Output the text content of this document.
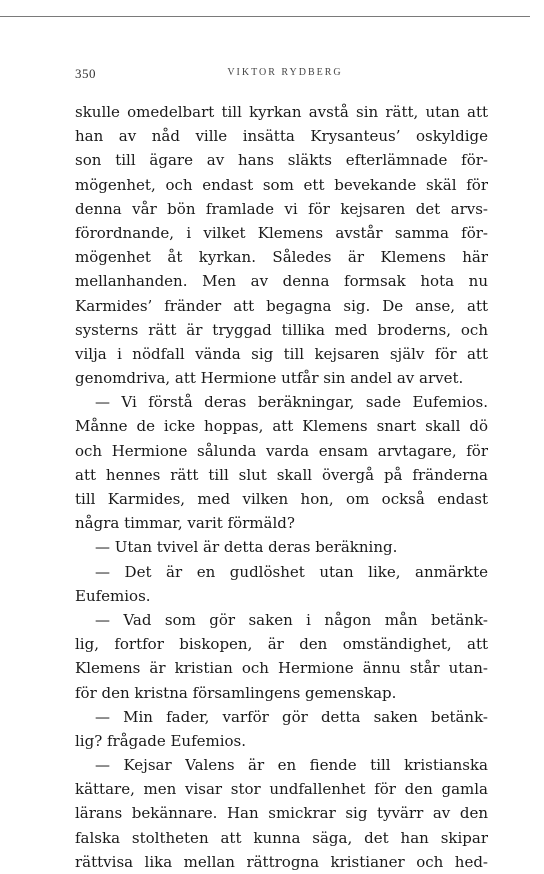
350	VIKTOR RYDBERG
skulle omedelbart till kyrkan avstå sin rätt, utan att
han av nåd ville insätta Krysanteus’ oskyldige
son till ägare av hans släkts efterlämnade för-
mögenhet, och endast som ett bevekande skäl för
denna vår bön framlade vi för kejsaren det arvs-
förordnande, i vilket Klemens avstår samma för-
mögenhet åt kyrkan. Således är Klemens här
mellanhanden. Men av denna formsak hota nu
Karmides’ fränder att begagna sig. De anse, att
systerns rätt är tryggad tillika med broderns, och
vilja i nödfall vända sig till kejsaren själv för att
genomdriva, att Hermione utfår sin andel av arvet.
— Vi förstå deras beräkningar, sade Eufemios.
Månne de icke hoppas, att Klemens snart skall dö
och Hermione sålunda varda ensam arvtagare, för
att hennes rätt till slut skall övergå på fränderna
till Karmides, med vilken hon, om också endast
några timmar, varit förmäld?
— Utan tvivel är detta deras beräkning.
— Det är en gudlöshet utan like, anmärkte
Eufemios.
— Vad som gör saken i någon mån betänk-
lig, fortfor biskopen, är den omständighet, att
Klemens är kristian och Hermione ännu står utan-
för den kristna församlingens gemenskap.
— Min fader, varför gör detta saken betänk-
lig? frågade Eufemios.
— Kejsar Valens är en fiende till kristianska
kättare, men visar stor undfallenhet för den gamla
lärans bekännare. Han smickrar sig tyvärr av den
falska stoltheten att kunna säga, det han skipar
rättvisa lika mellan rättrogna kristianer och hed-
